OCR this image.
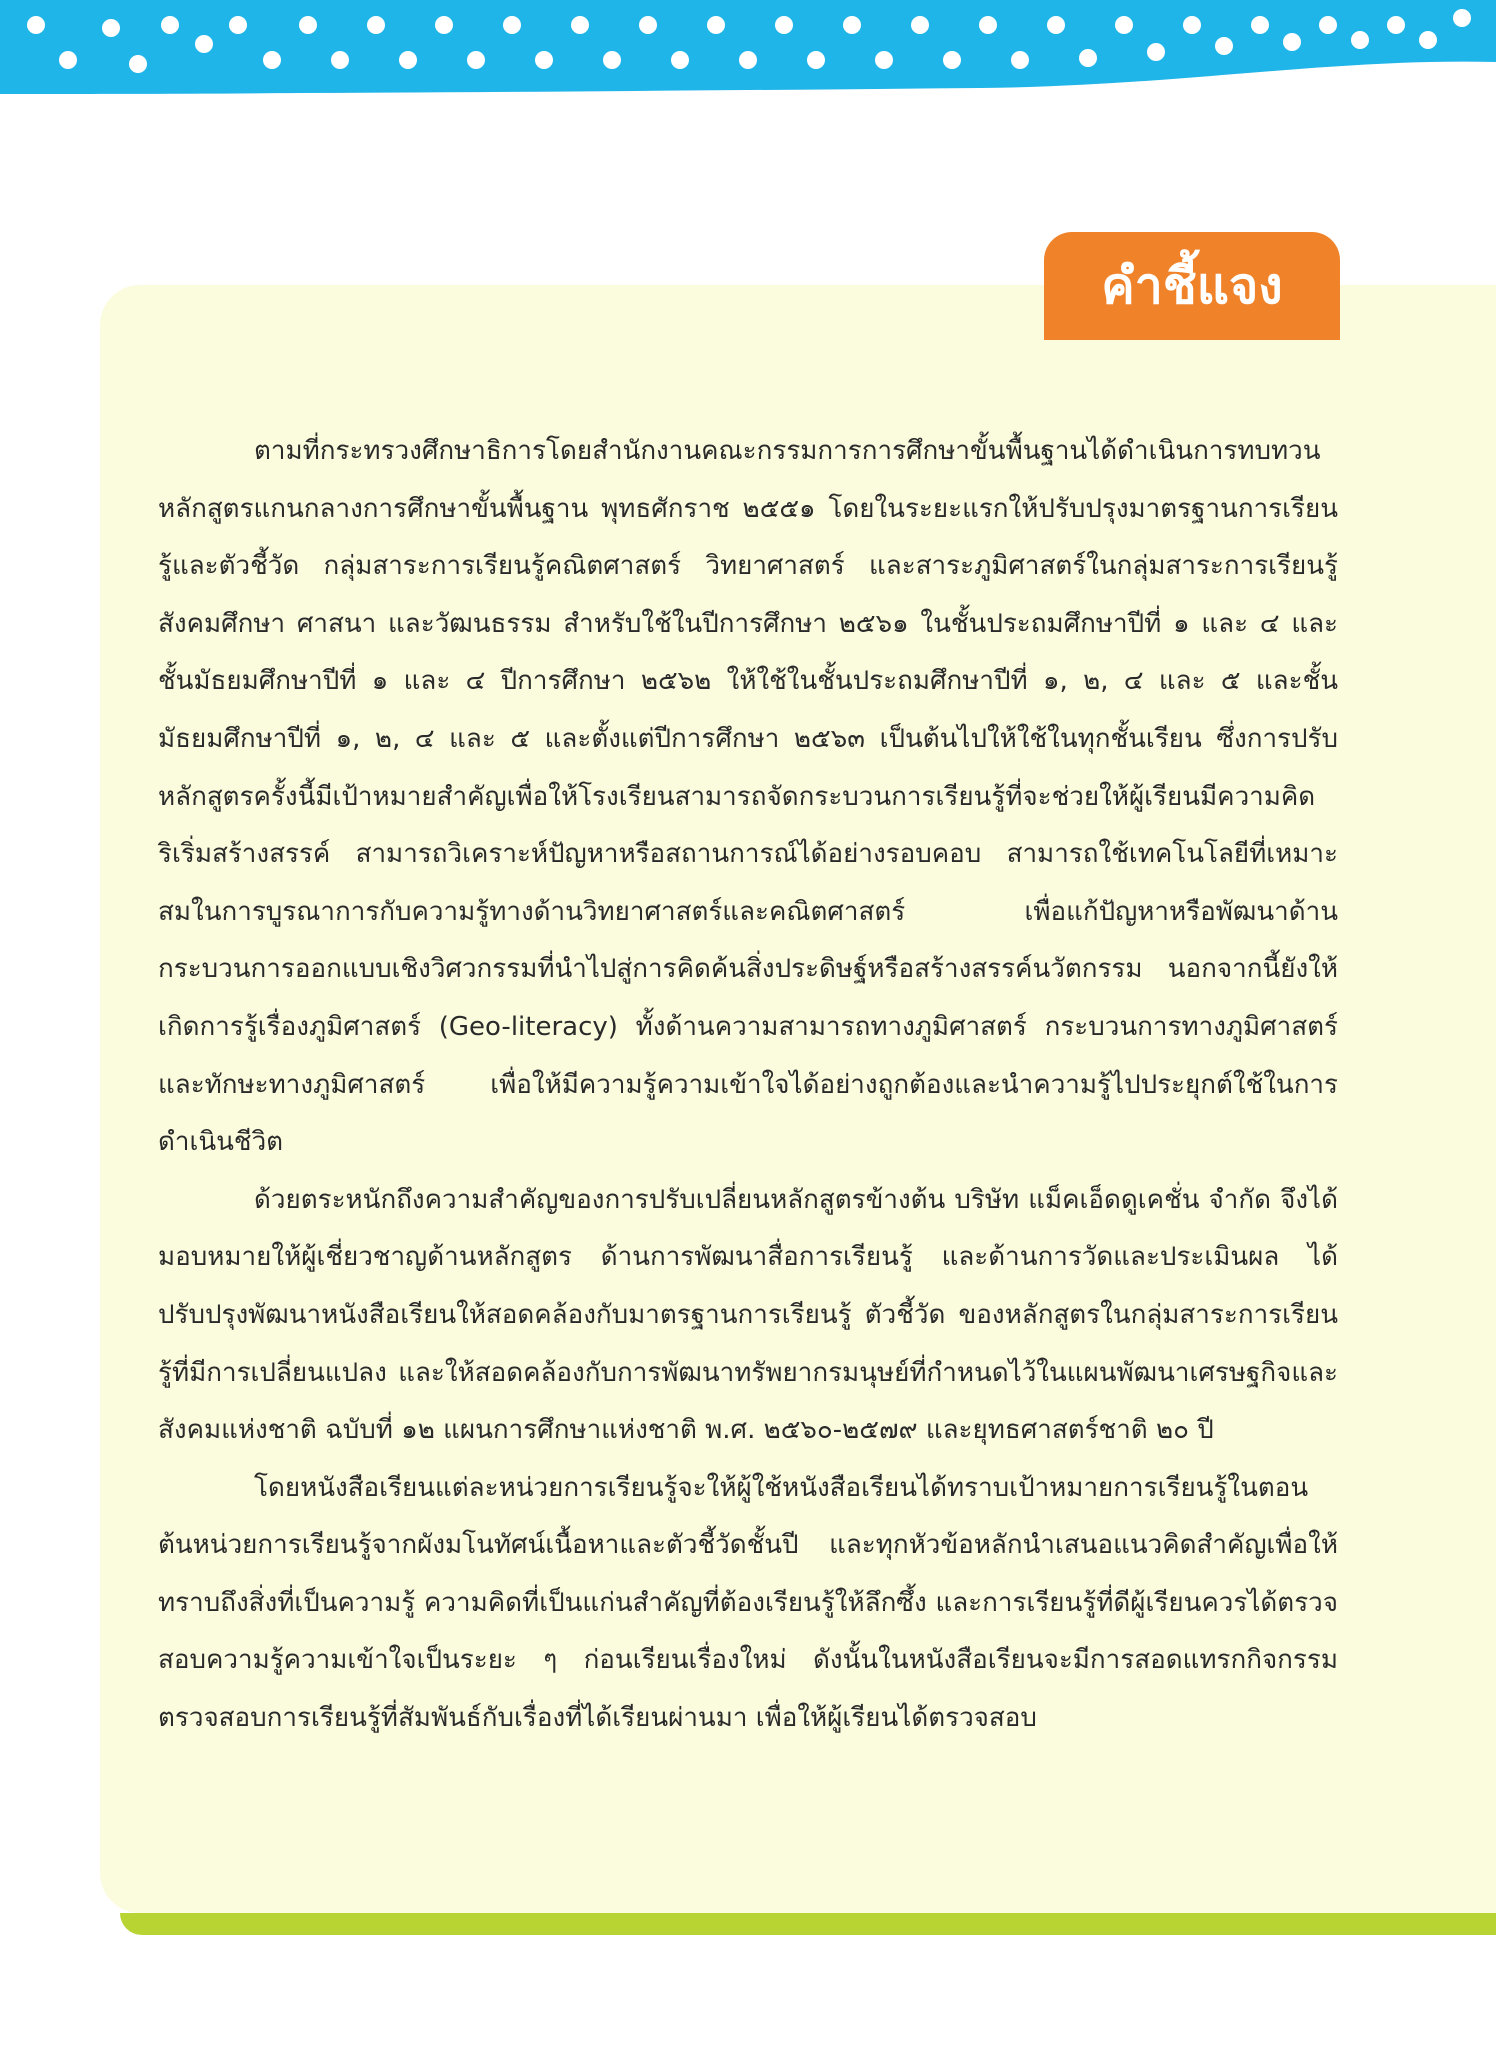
คำชี้แจง

ตามที่กระทรวงศึกษาธิการโดยสำนักงานคณะกรรมการการศึกษาขั้นพื้นฐานได้ดำเนินการทบทวนหลักสูตรแกนกลางการศึกษาขั้นพื้นฐาน พุทธศักราช ๒๕๕๑ โดยในระยะแรกให้ปรับปรุงมาตรฐานการเรียนรู้และตัวชี้วัด กลุ่มสาระการเรียนรู้คณิตศาสตร์ วิทยาศาสตร์ และสาระภูมิศาสตร์ในกลุ่มสาระการเรียนรู้สังคมศึกษา ศาสนา และวัฒนธรรม สำหรับใช้ในปีการศึกษา ๒๕๖๑ ในชั้นประถมศึกษาปีที่ ๑ และ ๔ และชั้นมัธยมศึกษาปีที่ ๑ และ ๔ ปีการศึกษา ๒๕๖๒ ให้ใช้ในชั้นประถมศึกษาปีที่ ๑, ๒, ๔ และ ๕ และชั้นมัธยมศึกษาปีที่ ๑, ๒, ๔ และ ๕ และตั้งแต่ปีการศึกษา ๒๕๖๓ เป็นต้นไปให้ใช้ในทุกชั้นเรียน ซึ่งการปรับหลักสูตรครั้งนี้มีเป้าหมายสำคัญเพื่อให้โรงเรียนสามารถจัดกระบวนการเรียนรู้ที่จะช่วยให้ผู้เรียนมีความคิดริเริ่มสร้างสรรค์ สามารถวิเคราะห์ปัญหาหรือสถานการณ์ได้อย่างรอบคอบ สามารถใช้เทคโนโลยีที่เหมาะสมในการบูรณาการกับความรู้ทางด้านวิทยาศาสตร์และคณิตศาสตร์ เพื่อแก้ปัญหาหรือพัฒนาด้านกระบวนการออกแบบเชิงวิศวกรรมที่นำไปสู่การคิดค้นสิ่งประดิษฐ์หรือสร้างสรรค์นวัตกรรม นอกจากนี้ยังให้เกิดการรู้เรื่องภูมิศาสตร์ (Geo-literacy) ทั้งด้านความสามารถทางภูมิศาสตร์ กระบวนการทางภูมิศาสตร์ และทักษะทางภูมิศาสตร์ เพื่อให้มีความรู้ความเข้าใจได้อย่างถูกต้องและนำความรู้ไปประยุกต์ใช้ในการดำเนินชีวิต

ด้วยตระหนักถึงความสำคัญของการปรับเปลี่ยนหลักสูตรข้างต้น บริษัท แม็คเอ็ดดูเคชั่น จำกัด จึงได้มอบหมายให้ผู้เชี่ยวชาญด้านหลักสูตร ด้านการพัฒนาสื่อการเรียนรู้ และด้านการวัดและประเมินผล ได้ปรับปรุงพัฒนาหนังสือเรียนให้สอดคล้องกับมาตรฐานการเรียนรู้ ตัวชี้วัด ของหลักสูตรในกลุ่มสาระการเรียนรู้ที่มีการเปลี่ยนแปลง และให้สอดคล้องกับการพัฒนาทรัพยากรมนุษย์ที่กำหนดไว้ในแผนพัฒนาเศรษฐกิจและสังคมแห่งชาติ ฉบับที่ ๑๒ แผนการศึกษาแห่งชาติ พ.ศ. ๒๕๖๐-๒๕๗๙ และยุทธศาสตร์ชาติ ๒๐ ปี

โดยหนังสือเรียนแต่ละหน่วยการเรียนรู้จะให้ผู้ใช้หนังสือเรียนได้ทราบเป้าหมายการเรียนรู้ในตอนต้นหน่วยการเรียนรู้จากผังมโนทัศน์เนื้อหาและตัวชี้วัดชั้นปี และทุกหัวข้อหลักนำเสนอแนวคิดสำคัญเพื่อให้ทราบถึงสิ่งที่เป็นความรู้ ความคิดที่เป็นแก่นสำคัญที่ต้องเรียนรู้ให้ลึกซึ้ง และการเรียนรู้ที่ดีผู้เรียนควรได้ตรวจสอบความรู้ความเข้าใจเป็นระยะ ๆ ก่อนเรียนเรื่องใหม่ ดังนั้นในหนังสือเรียนจะมีการสอดแทรกกิจกรรมตรวจสอบการเรียนรู้ที่สัมพันธ์กับเรื่องที่ได้เรียนผ่านมา เพื่อให้ผู้เรียนได้ตรวจสอบ
